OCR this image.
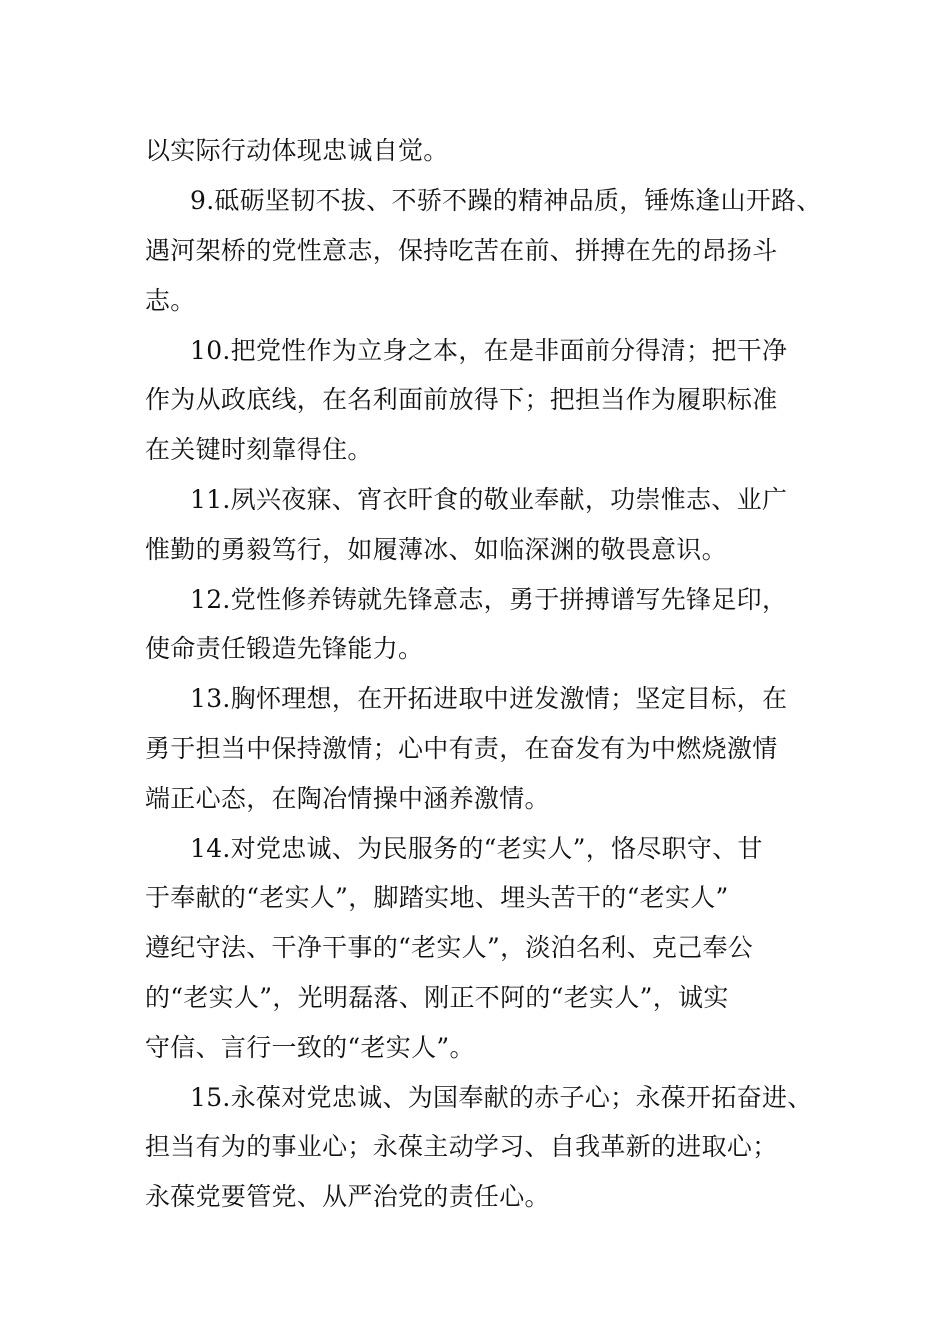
以实际行动体现忠诚自觉。
9.砥砺坚韧不拔、不骄不躁的精神品质，锤炼逢山开路、
遇河架桥的党性意志，保持吃苦在前、拼搏在先的昂扬斗
志。
10.把党性作为立身之本，在是非面前分得清；把干净
作为从政底线，在名利面前放得下；把担当作为履职标准
在关键时刻靠得住。
11.夙兴夜寐、宵衣旰食的敬业奉献，功崇惟志、业广
惟勤的勇毅笃行，如履薄冰、如临深渊的敬畏意识。
12.党性修养铸就先锋意志，勇于拼搏谱写先锋足印，
使命责任锻造先锋能力。
13.胸怀理想，在开拓进取中迸发激情；坚定目标，在
勇于担当中保持激情；心中有责，在奋发有为中燃烧激情
端正心态，在陶冶情操中涵养激情。
14.对党忠诚、为民服务的“老实人”，恪尽职守、甘
于奉献的“老实人”，脚踏实地、埋头苦干的“老实人”
遵纪守法、干净干事的“老实人”，淡泊名利、克己奉公
的“老实人”，光明磊落、刚正不阿的“老实人”，诚实
守信、言行一致的“老实人”。
15.永葆对党忠诚、为国奉献的赤子心；永葆开拓奋进、
担当有为的事业心；永葆主动学习、自我革新的进取心；
永葆党要管党、从严治党的责任心。
